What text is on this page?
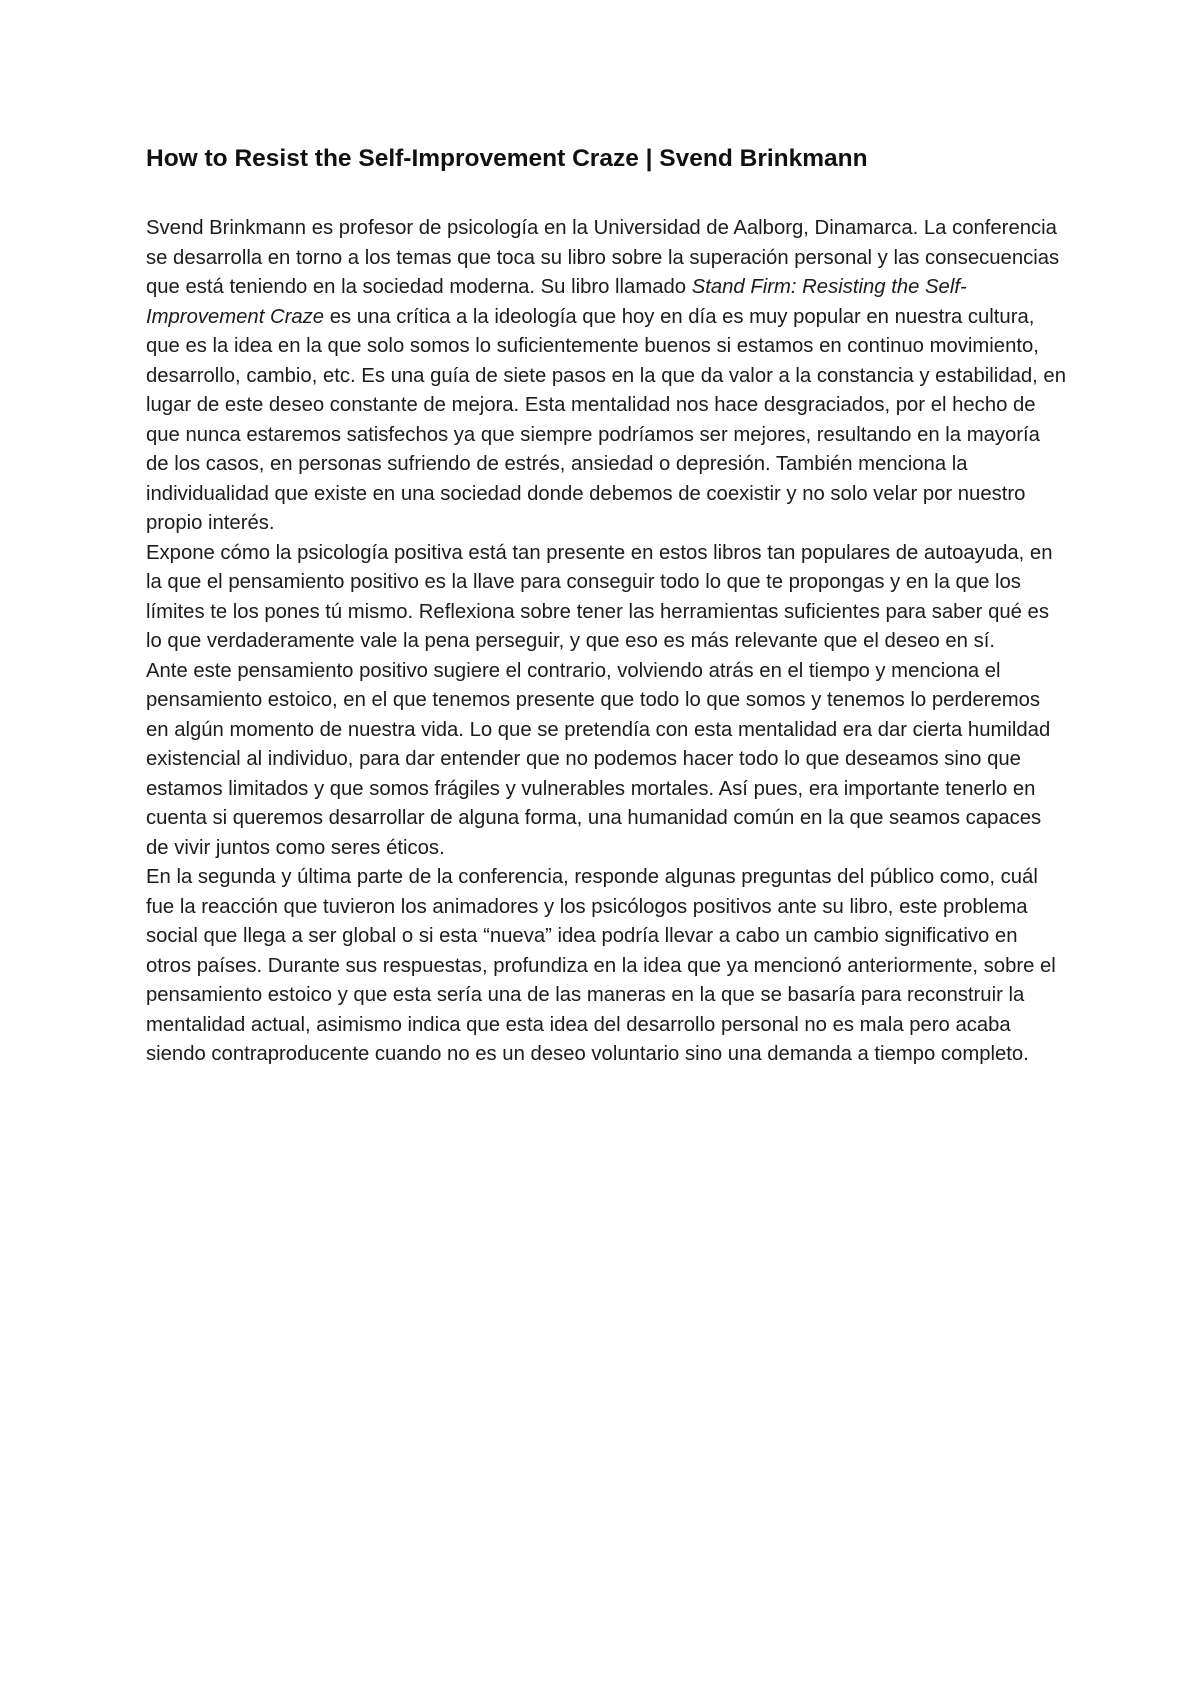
How to Resist the Self-Improvement Craze | Svend Brinkmann

Svend Brinkmann es profesor de psicología en la Universidad de Aalborg, Dinamarca. La conferencia se desarrolla en torno a los temas que toca su libro sobre la superación personal y las consecuencias que está teniendo en la sociedad moderna. Su libro llamado Stand Firm: Resisting the Self-Improvement Craze es una crítica a la ideología que hoy en día es muy popular en nuestra cultura, que es la idea en la que solo somos lo suficientemente buenos si estamos en continuo movimiento, desarrollo, cambio, etc. Es una guía de siete pasos en la que da valor a la constancia y estabilidad, en lugar de este deseo constante de mejora. Esta mentalidad nos hace desgraciados, por el hecho de que nunca estaremos satisfechos ya que siempre podríamos ser mejores, resultando en la mayoría de los casos, en personas sufriendo de estrés, ansiedad o depresión. También menciona la individualidad que existe en una sociedad donde debemos de coexistir y no solo velar por nuestro propio interés.

Expone cómo la psicología positiva está tan presente en estos libros tan populares de autoayuda, en la que el pensamiento positivo es la llave para conseguir todo lo que te propongas y en la que los límites te los pones tú mismo. Reflexiona sobre tener las herramientas suficientes para saber qué es lo que verdaderamente vale la pena perseguir, y que eso es más relevante que el deseo en sí.

Ante este pensamiento positivo sugiere el contrario, volviendo atrás en el tiempo y menciona el pensamiento estoico, en el que tenemos presente que todo lo que somos y tenemos lo perderemos en algún momento de nuestra vida. Lo que se pretendía con esta mentalidad era dar cierta humildad existencial al individuo, para dar entender que no podemos hacer todo lo que deseamos sino que estamos limitados y que somos frágiles y vulnerables mortales. Así pues, era importante tenerlo en cuenta si queremos desarrollar de alguna forma, una humanidad común en la que seamos capaces de vivir juntos como seres éticos.

En la segunda y última parte de la conferencia, responde algunas preguntas del público como, cuál fue la reacción que tuvieron los animadores y los psicólogos positivos ante su libro, este problema social que llega a ser global o si esta “nueva” idea podría llevar a cabo un cambio significativo en otros países. Durante sus respuestas, profundiza en la idea que ya mencionó anteriormente, sobre el pensamiento estoico y que esta sería una de las maneras en la que se basaría para reconstruir la mentalidad actual, asimismo indica que esta idea del desarrollo personal no es mala pero acaba siendo contraproducente cuando no es un deseo voluntario sino una demanda a tiempo completo.
